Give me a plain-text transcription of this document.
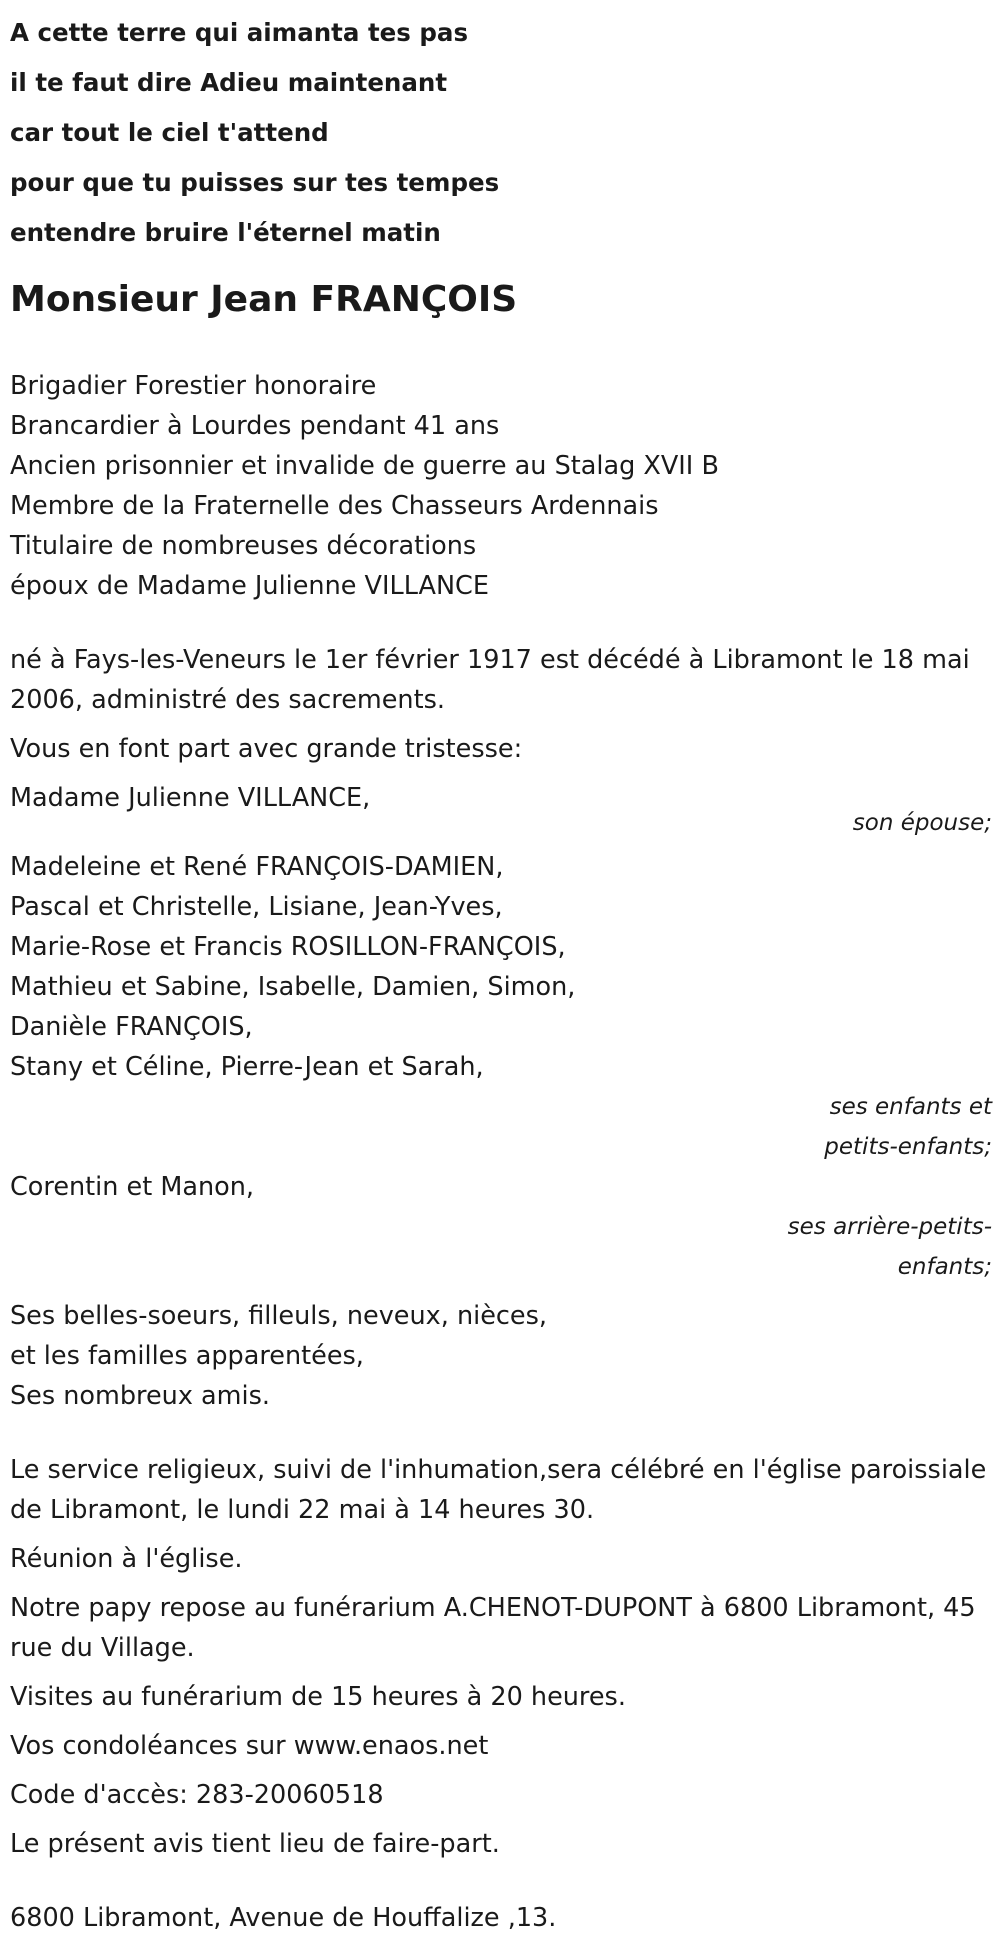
A cette terre qui aimanta tes pas
il te faut dire Adieu maintenant
car tout le ciel t'attend
pour que tu puisses sur tes tempes
entendre bruire l'éternel matin
Monsieur Jean FRANÇOIS
Brigadier Forestier honoraire
Brancardier à Lourdes pendant 41 ans
Ancien prisonnier et invalide de guerre au Stalag XVII B
Membre de la Fraternelle des Chasseurs Ardennais
Titulaire de nombreuses décorations
époux de Madame Julienne VILLANCE

né à Fays-les-Veneurs le 1er février 1917 est décédé à Libramont le 18 mai 2006, administré des sacrements.

Vous en font part avec grande tristesse:

Madame Julienne VILLANCE,
son épouse;
Madeleine et René FRANÇOIS-DAMIEN,
Pascal et Christelle, Lisiane, Jean-Yves,
Marie-Rose et Francis ROSILLON-FRANÇOIS,
Mathieu et Sabine, Isabelle, Damien, Simon,
Danièle FRANÇOIS,
Stany et Céline, Pierre-Jean et Sarah,
ses enfants et
petits-enfants;
Corentin et Manon,
ses arrière-petits-
enfants;
Ses belles-soeurs, filleuls, neveux, nièces,
et les familles apparentées,
Ses nombreux amis.

Le service religieux, suivi de l'inhumation,sera célébré en l'église paroissiale de Libramont, le lundi 22 mai à 14 heures 30.

Réunion à l'église.

Notre papy repose au funérarium A.CHENOT-DUPONT à 6800 Libramont, 45 rue du Village.

Visites au funérarium de 15 heures à 20 heures.

Vos condoléances sur www.enaos.net

Code d'accès: 283-20060518

Le présent avis tient lieu de faire-part.

6800 Libramont, Avenue de Houffalize ,13.
